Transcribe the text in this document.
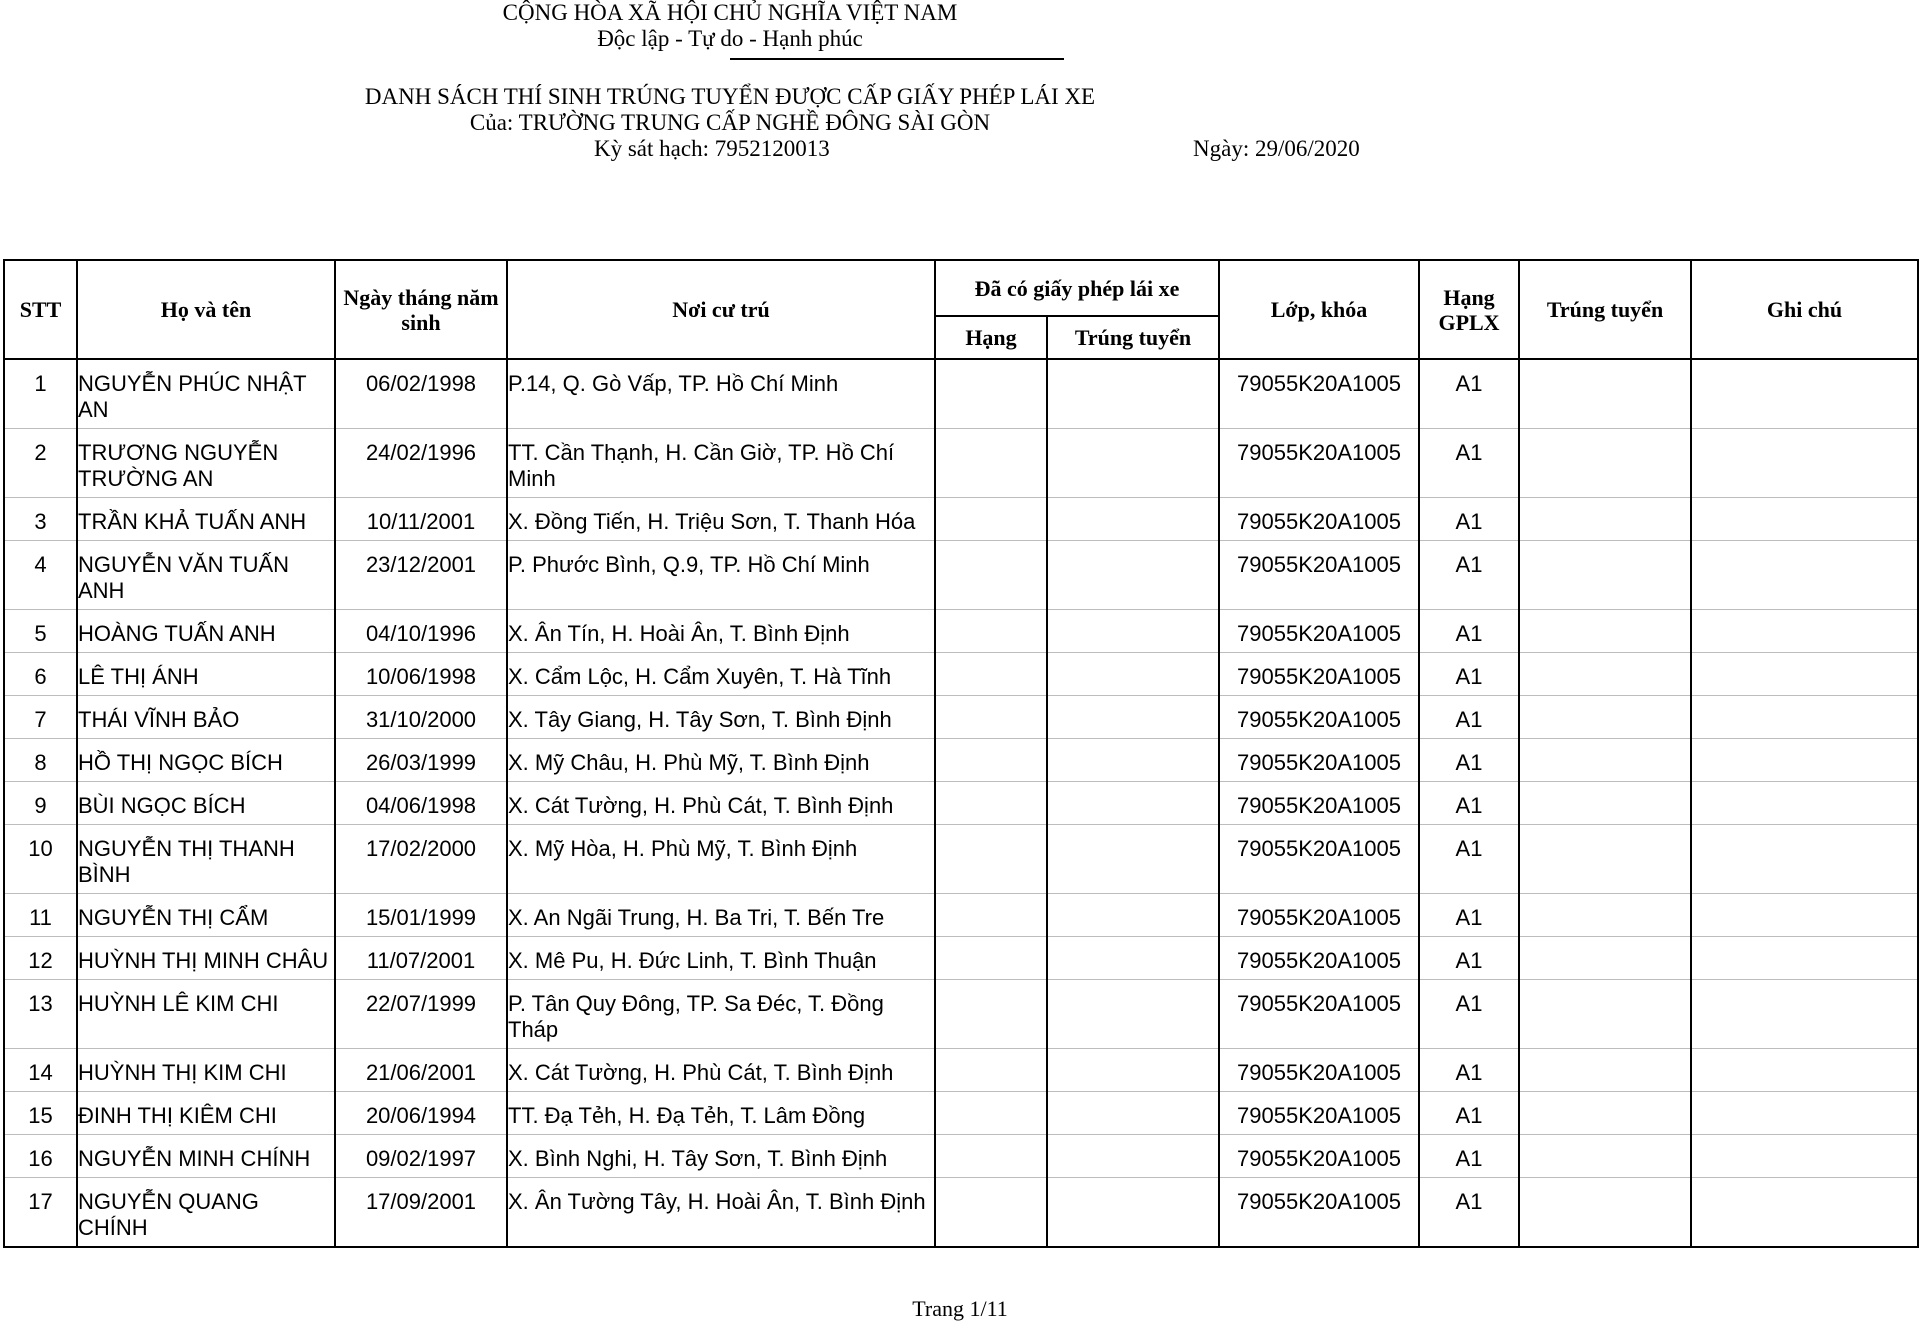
CỘNG HÒA XÃ HỘI CHỦ NGHĨA VIỆT NAM
Độc lập - Tự do - Hạnh phúc
DANH SÁCH THÍ SINH TRÚNG TUYỂN ĐƯỢC CẤP GIẤY PHÉP LÁI XE
Của: TRƯỜNG TRUNG CẤP NGHỀ ĐÔNG SÀI GÒN
Kỳ sát hạch: 7952120013	Ngày: 29/06/2020
STT	Họ và tên	Ngày tháng năm sinh	Nơi cư trú	Đã có giấy phép lái xe		Lớp, khóa	Hạng GPLX	Trúng tuyển	Ghi chú
				Hạng	Trúng tuyển				
1	NGUYỄN PHÚC NHẬT AN	06/02/1998	P.14, Q. Gò Vấp, TP. Hồ Chí Minh			79055K20A1005	A1		
2	TRƯƠNG NGUYỄN TRƯỜNG AN	24/02/1996	TT. Cần Thạnh, H. Cần Giờ, TP. Hồ Chí Minh			79055K20A1005	A1		
3	TRẦN KHẢ TUẤN ANH	10/11/2001	X. Đồng Tiến, H. Triệu Sơn, T. Thanh Hóa			79055K20A1005	A1		
4	NGUYỄN VĂN TUẤN ANH	23/12/2001	P. Phước Bình, Q.9, TP. Hồ Chí Minh			79055K20A1005	A1		
5	HOÀNG TUẤN ANH	04/10/1996	X. Ân Tín, H. Hoài Ân, T. Bình Định			79055K20A1005	A1		
6	LÊ THỊ ÁNH	10/06/1998	X. Cẩm Lộc, H. Cẩm Xuyên, T. Hà Tĩnh			79055K20A1005	A1		
7	THÁI VĨNH BẢO	31/10/2000	X. Tây Giang, H. Tây Sơn, T. Bình Định			79055K20A1005	A1		
8	HỒ THỊ NGỌC BÍCH	26/03/1999	X. Mỹ Châu, H. Phù Mỹ, T. Bình Định			79055K20A1005	A1		
9	BÙI NGỌC BÍCH	04/06/1998	X. Cát Tường, H. Phù Cát, T. Bình Định			79055K20A1005	A1		
10	NGUYỄN THỊ THANH BÌNH	17/02/2000	X. Mỹ Hòa, H. Phù Mỹ, T. Bình Định			79055K20A1005	A1		
11	NGUYỄN THỊ CẨM	15/01/1999	X. An Ngãi Trung, H. Ba Tri, T. Bến Tre			79055K20A1005	A1		
12	HUỲNH THỊ MINH CHÂU	11/07/2001	X. Mê Pu, H. Đức Linh, T. Bình Thuận			79055K20A1005	A1		
13	HUỲNH LÊ KIM CHI	22/07/1999	P. Tân Quy Đông, TP. Sa Đéc, T. Đồng Tháp			79055K20A1005	A1		
14	HUỲNH THỊ KIM CHI	21/06/2001	X. Cát Tường, H. Phù Cát, T. Bình Định			79055K20A1005	A1		
15	ĐINH THỊ KIÊM CHI	20/06/1994	TT. Đạ Tẻh, H. Đạ Tẻh, T. Lâm Đồng			79055K20A1005	A1		
16	NGUYỄN MINH CHÍNH	09/02/1997	X. Bình Nghi, H. Tây Sơn, T. Bình Định			79055K20A1005	A1		
17	NGUYỄN QUANG CHÍNH	17/09/2001	X. Ân Tường Tây, H. Hoài Ân, T. Bình Định			79055K20A1005	A1		
Trang 1/11
